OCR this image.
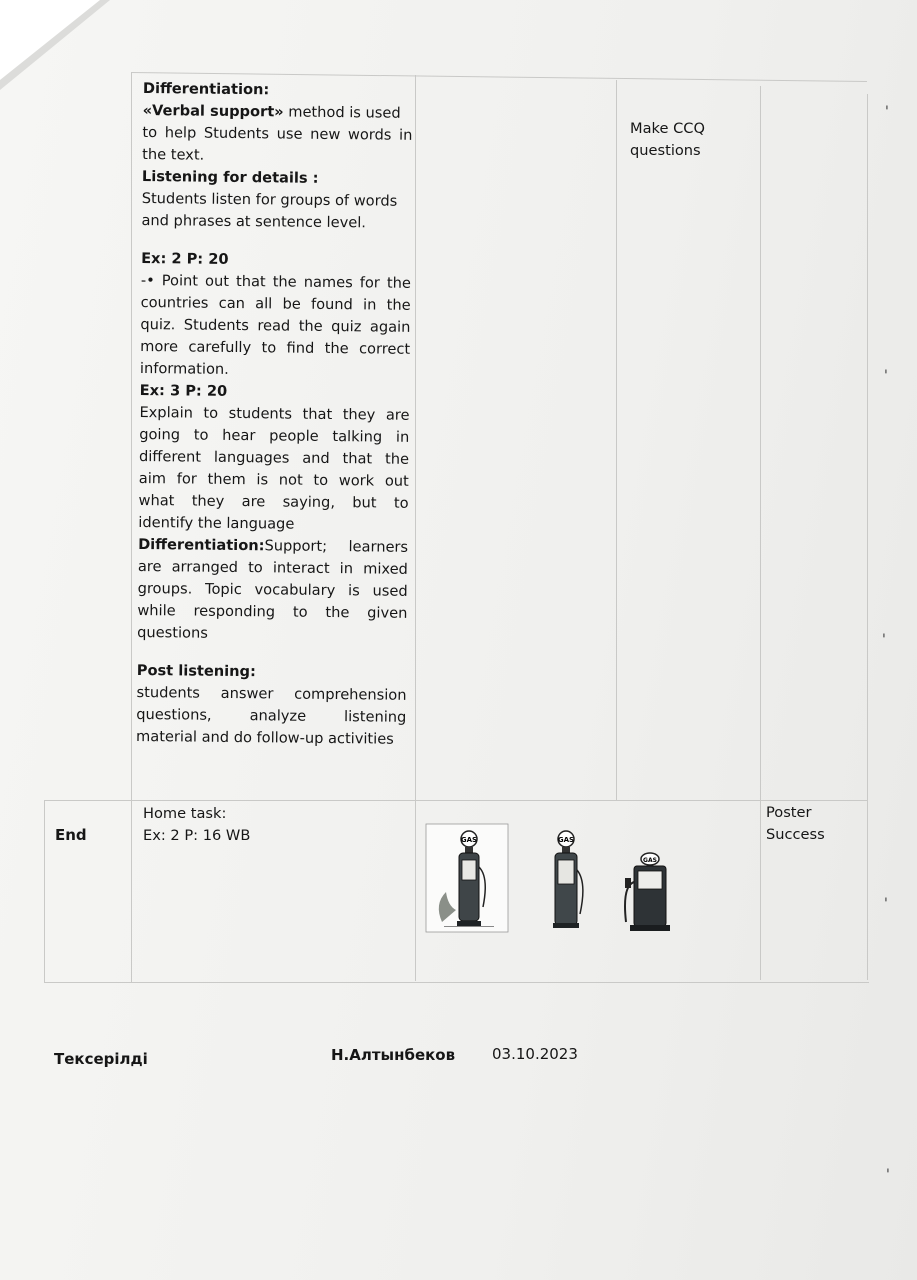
Differentiation:

«Verbal support» method is used

to help Students use new words in

the text.

Listening for details :

Students listen for groups of words

and phrases at sentence level.

Ex: 2 P: 20

-• Point out that the names for the

countries can all be found in the

quiz. Students read the quiz again

more carefully to find the correct

information.

Ex: 3 P: 20

Explain to students that they are

going to hear people talking in

different languages and that the

aim for them is not to work out

what they are saying, but to

identify the language

Differentiation:Support; learners

are arranged to interact in mixed

groups. Topic vocabulary is used

while responding to the given

questions

Post listening:

students answer comprehension

questions, analyze listening

material and do follow-up activities

Make CCQ
questions
End
Home task:
Ex: 2 P: 16 WB
Poster
Success
GAS	GAS
GAS
'
'
'
'
'
Тексерілді	Н.Алтынбеков 03.10.2023
